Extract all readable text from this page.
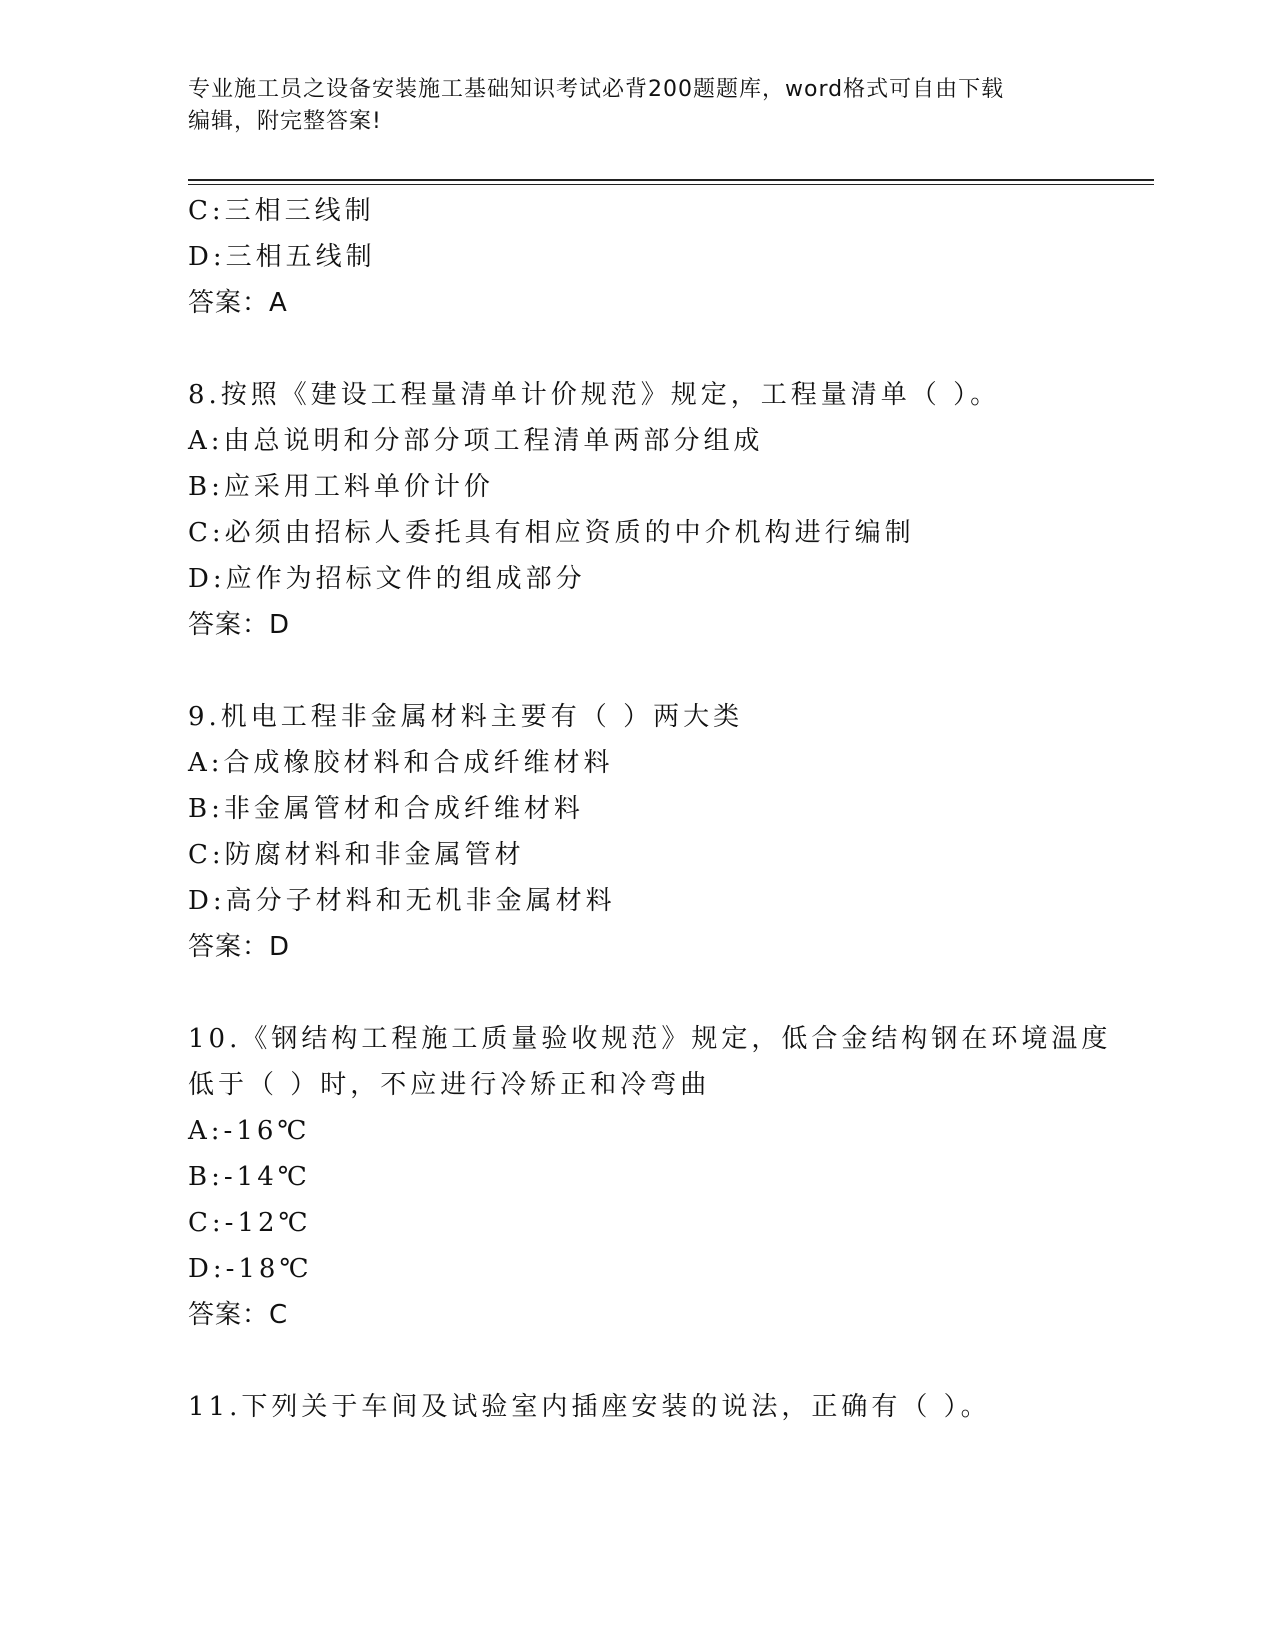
专业施工员之设备安装施工基础知识考试必背200题题库，word格式可自由下载
编辑，附完整答案!
C:三相三线制
D:三相五线制
答案：A
8.按照《建设工程量清单计价规范》规定，工程量清单（ ）。
A:由总说明和分部分项工程清单两部分组成
B:应采用工料单价计价
C:必须由招标人委托具有相应资质的中介机构进行编制
D:应作为招标文件的组成部分
答案：D
9.机电工程非金属材料主要有（ ）两大类
A:合成橡胶材料和合成纤维材料
B:非金属管材和合成纤维材料
C:防腐材料和非金属管材
D:高分子材料和无机非金属材料
答案：D
10.《钢结构工程施工质量验收规范》规定，低合金结构钢在环境温度
低于（ ）时，不应进行冷矫正和冷弯曲
A:-16℃
B:-14℃
C:-12℃
D:-18℃
答案：C
11.下列关于车间及试验室内插座安装的说法，正确有（ ）。
